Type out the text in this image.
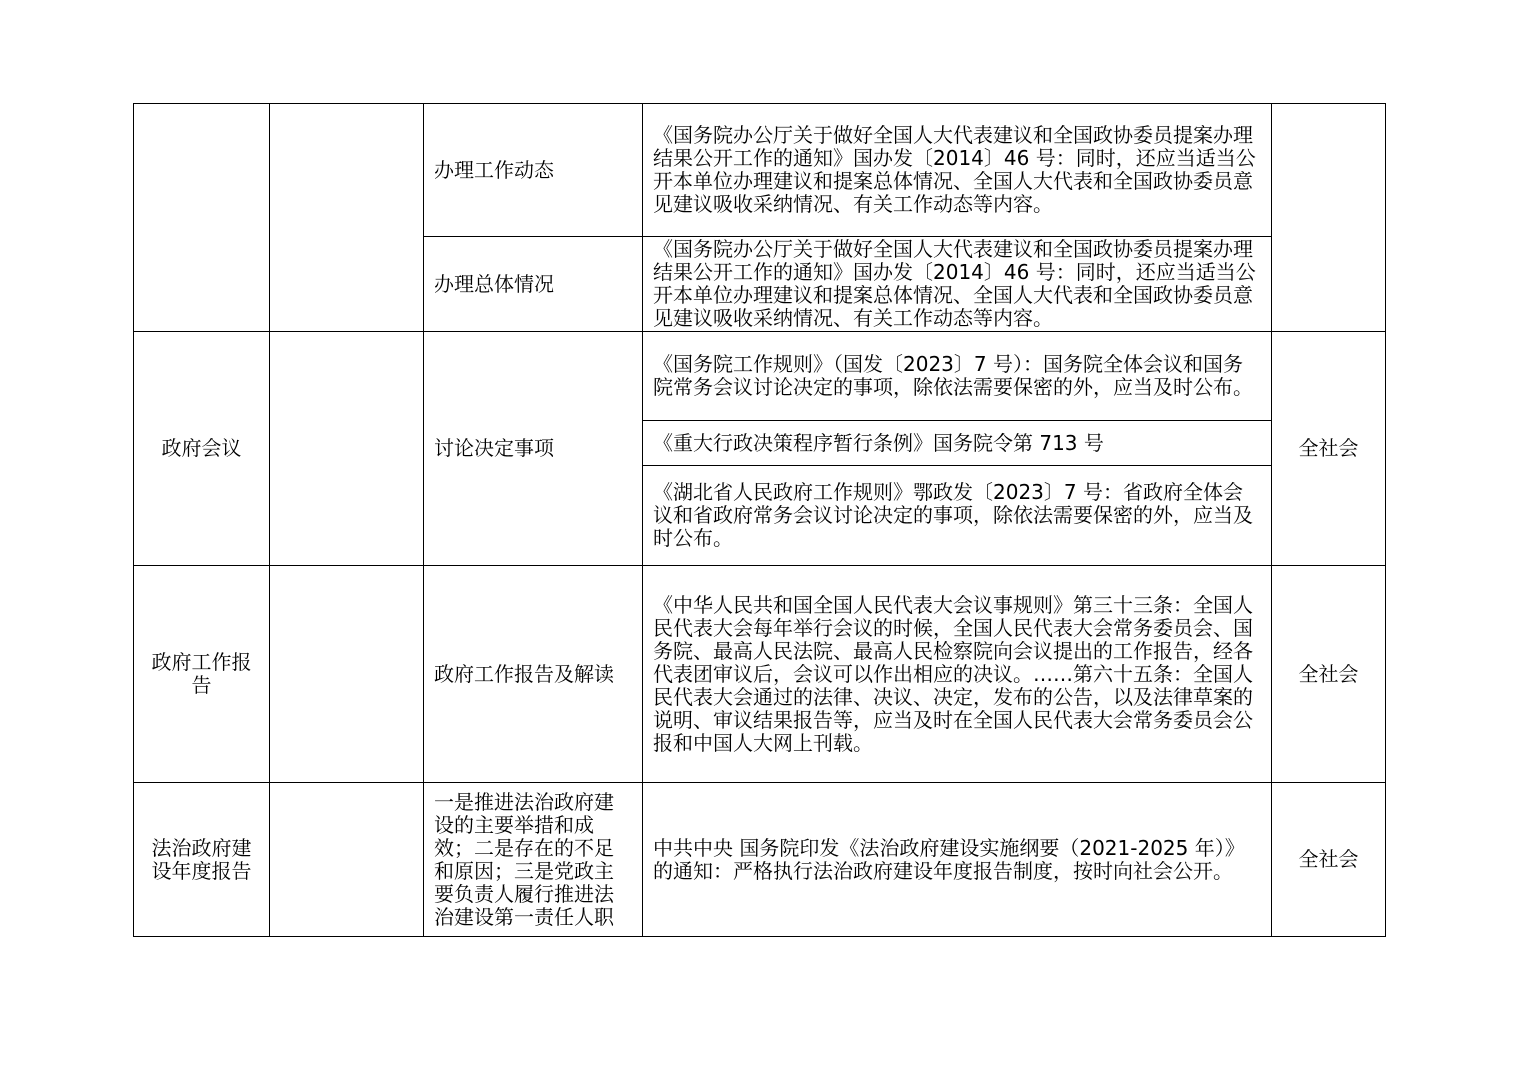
		办理工作动态	《国务院办公厅关于做好全国人大代表建议和全国政协委员提案办理结果公开工作的通知》国办发〔2014〕46 号：同时，还应当适当公开本单位办理建议和提案总体情况、全国人大代表和全国政协委员意见建议吸收采纳情况、有关工作动态等内容。	
		办理总体情况	《国务院办公厅关于做好全国人大代表建议和全国政协委员提案办理结果公开工作的通知》国办发〔2014〕46 号：同时，还应当适当公开本单位办理建议和提案总体情况、全国人大代表和全国政协委员意见建议吸收采纳情况、有关工作动态等内容。	
政府会议		讨论决定事项	《国务院工作规则》（国发〔2023〕7 号）：国务院全体会议和国务院常务会议讨论决定的事项，除依法需要保密的外，应当及时公布。	全社会
			《重大行政决策程序暂行条例》国务院令第 713 号	
			《湖北省人民政府工作规则》鄂政发〔2023〕7 号：省政府全体会议和省政府常务会议讨论决定的事项，除依法需要保密的外，应当及时公布。	
政府工作报告		政府工作报告及解读	《中华人民共和国全国人民代表大会议事规则》第三十三条：全国人民代表大会每年举行会议的时候，全国人民代表大会常务委员会、国务院、最高人民法院、最高人民检察院向会议提出的工作报告，经各代表团审议后，会议可以作出相应的决议。……第六十五条：全国人民代表大会通过的法律、决议、决定，发布的公告，以及法律草案的说明、审议结果报告等，应当及时在全国人民代表大会常务委员会公报和中国人大网上刊载。	全社会
法治政府建设年度报告		一是推进法治政府建设的主要举措和成效；二是存在的不足和原因；三是党政主要负责人履行推进法治建设第一责任人职	中共中央 国务院印发《法治政府建设实施纲要（2021-2025 年）》的通知：严格执行法治政府建设年度报告制度，按时向社会公开。	全社会
